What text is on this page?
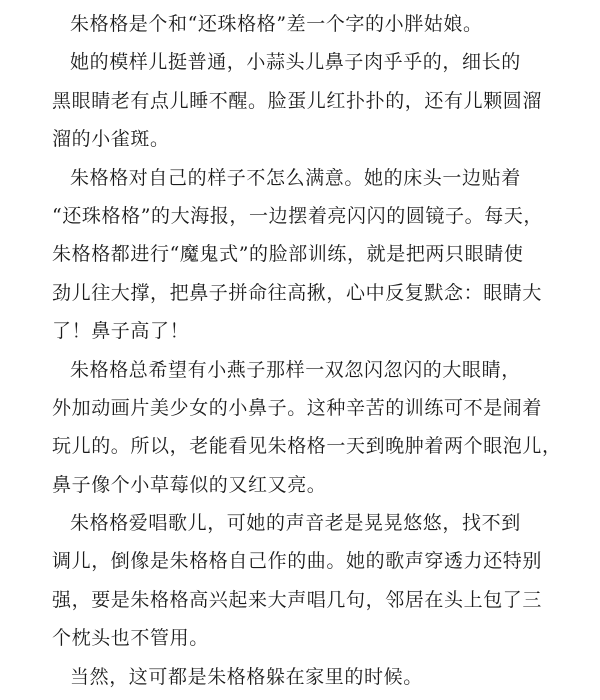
朱格格是个和“还珠格格”差一个字的小胖姑娘。
她的模样儿挺普通，小蒜头儿鼻子肉乎乎的，细长的
黑眼睛老有点儿睡不醒。脸蛋儿红扑扑的，还有儿颗圆溜
溜的小雀斑。
朱格格对自己的样子不怎么满意。她的床头一边贴着
“还珠格格”的大海报，一边摆着亮闪闪的圆镜子。每天，
朱格格都进行“魔鬼式”的脸部训练，就是把两只眼睛使
劲儿往大撑，把鼻子拼命往高揪，心中反复默念：眼睛大
了！鼻子高了！
朱格格总希望有小燕子那样一双忽闪忽闪的大眼睛，
外加动画片美少女的小鼻子。这种辛苦的训练可不是闹着
玩儿的。所以，老能看见朱格格一天到晚肿着两个眼泡儿，
鼻子像个小草莓似的又红又亮。
朱格格爱唱歌儿，可她的声音老是晃晃悠悠，找不到
调儿，倒像是朱格格自己作的曲。她的歌声穿透力还特别
强，要是朱格格高兴起来大声唱几句，邻居在头上包了三
个枕头也不管用。
当然，这可都是朱格格躲在家里的时候。
